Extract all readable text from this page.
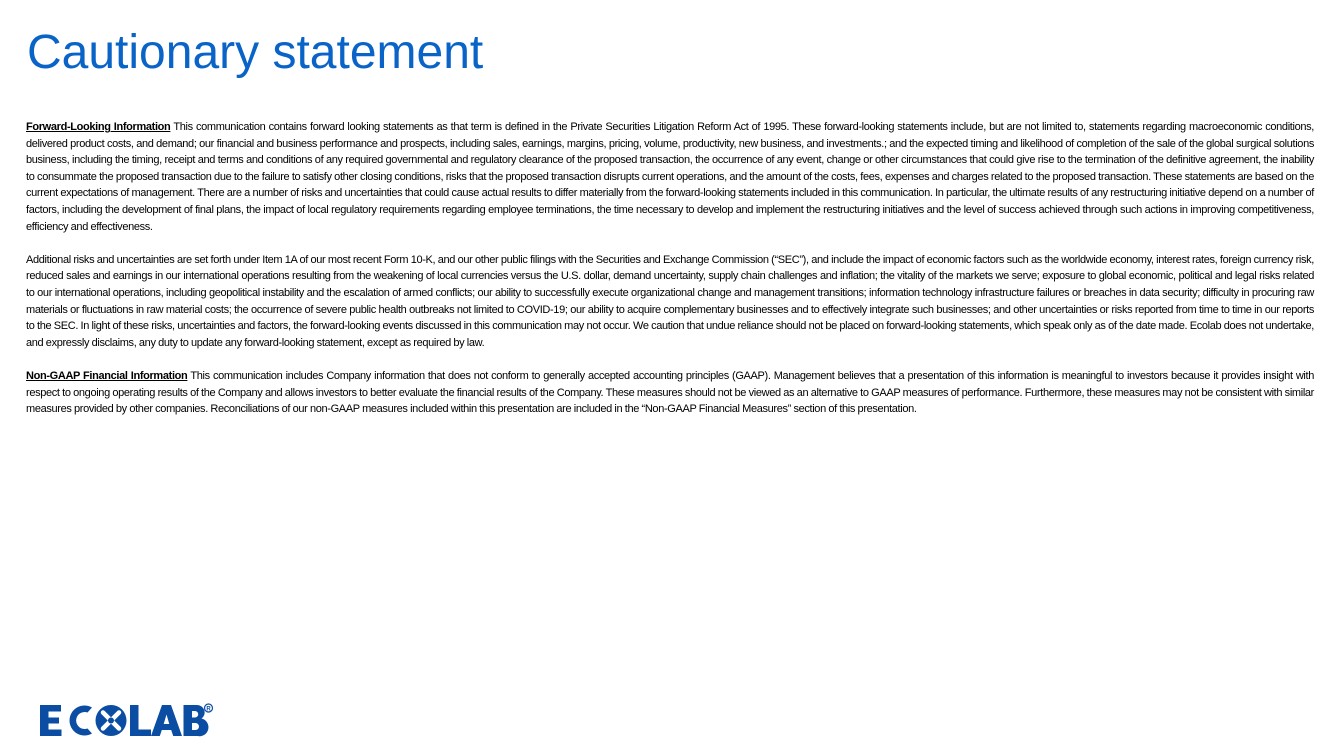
Cautionary statement

Forward-Looking Information This communication contains forward looking statements as that term is defined in the Private Securities Litigation Reform Act of 1995. These forward-looking statements include, but are not limited to, statements regarding macroeconomic conditions, delivered product costs, and demand; our financial and business performance and prospects, including sales, earnings, margins, pricing, volume, productivity, new business, and investments.; and the expected timing and likelihood of completion of the sale of the global surgical solutions business, including the timing, receipt and terms and conditions of any required governmental and regulatory clearance of the proposed transaction, the occurrence of any event, change or other circumstances that could give rise to the termination of the definitive agreement, the inability to consummate the proposed transaction due to the failure to satisfy other closing conditions, risks that the proposed transaction disrupts current operations, and the amount of the costs, fees, expenses and charges related to the proposed transaction. These statements are based on the current expectations of management. There are a number of risks and uncertainties that could cause actual results to differ materially from the forward-looking statements included in this communication. In particular, the ultimate results of any restructuring initiative depend on a number of factors, including the development of final plans, the impact of local regulatory requirements regarding employee terminations, the time necessary to develop and implement the restructuring initiatives and the level of success achieved through such actions in improving competitiveness, efficiency and effectiveness.

Additional risks and uncertainties are set forth under Item 1A of our most recent Form 10-K, and our other public filings with the Securities and Exchange Commission (“SEC”), and include the impact of economic factors such as the worldwide economy, interest rates, foreign currency risk, reduced sales and earnings in our international operations resulting from the weakening of local currencies versus the U.S. dollar, demand uncertainty, supply chain challenges and inflation; the vitality of the markets we serve; exposure to global economic, political and legal risks related to our international operations, including geopolitical instability and the escalation of armed conflicts; our ability to successfully execute organizational change and management transitions; information technology infrastructure failures or breaches in data security; difficulty in procuring raw materials or fluctuations in raw material costs; the occurrence of severe public health outbreaks not limited to COVID-19; our ability to acquire complementary businesses and to effectively integrate such businesses; and other uncertainties or risks reported from time to time in our reports to the SEC. In light of these risks, uncertainties and factors, the forward-looking events discussed in this communication may not occur. We caution that undue reliance should not be placed on forward-looking statements, which speak only as of the date made. Ecolab does not undertake, and expressly disclaims, any duty to update any forward-looking statement, except as required by law.

Non-GAAP Financial Information This communication includes Company information that does not conform to generally accepted accounting principles (GAAP). Management believes that a presentation of this information is meaningful to investors because it provides insight with respect to ongoing operating results of the Company and allows investors to better evaluate the financial results of the Company. These measures should not be viewed as an alternative to GAAP measures of performance. Furthermore, these measures may not be consistent with similar measures provided by other companies. Reconciliations of our non-GAAP measures included within this presentation are included in the “Non-GAAP Financial Measures” section of this presentation.

R
